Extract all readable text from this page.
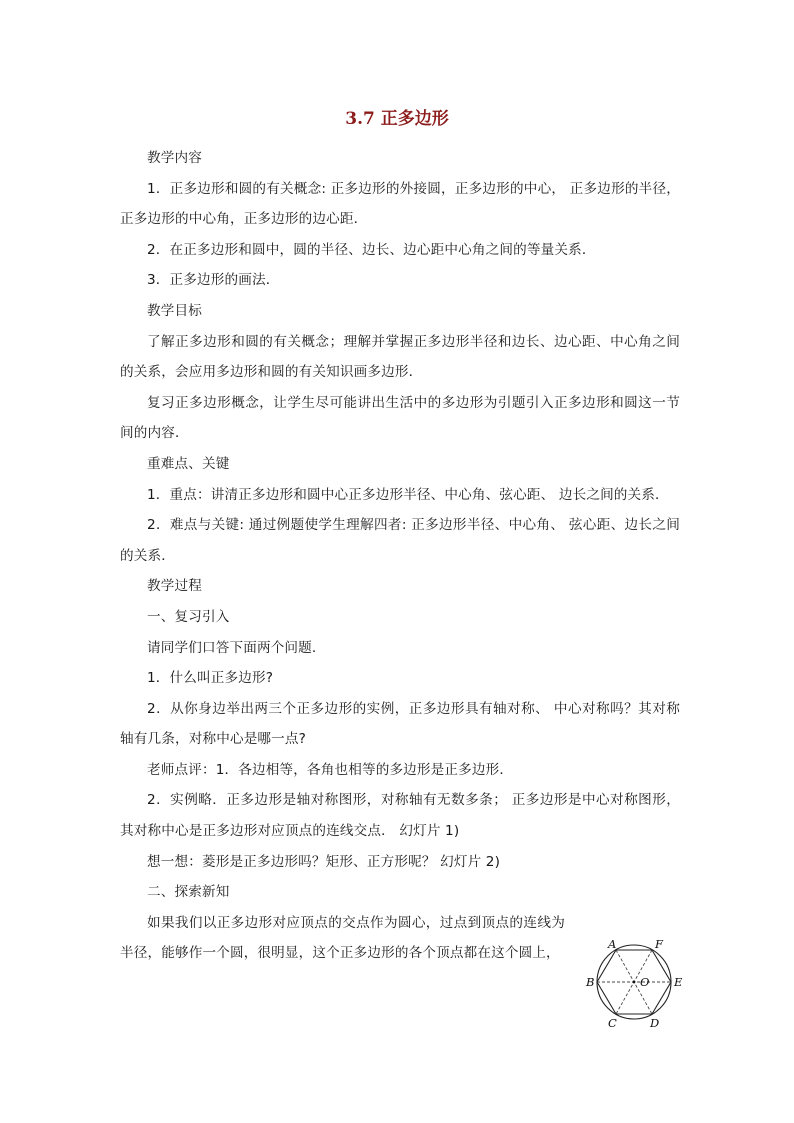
3.7 正多边形

教学内容

1．正多边形和圆的有关概念: 正多边形的外接圆，正多边形的中心， 正多边形的半径，正多边形的中心角，正多边形的边心距．

2．在正多边形和圆中，圆的半径、边长、边心距中心角之间的等量关系．

3．正多边形的画法．

教学目标

了解正多边形和圆的有关概念；理解并掌握正多边形半径和边长、边心距、中心角之间的关系，会应用多边形和圆的有关知识画多边形．

复习正多边形概念，让学生尽可能讲出生活中的多边形为引题引入正多边形和圆这一节间的内容．

重难点、关键

1．重点：讲清正多边形和圆中心正多边形半径、中心角、弦心距、 边长之间的关系．

2．难点与关键: 通过例题使学生理解四者: 正多边形半径、中心角、 弦心距、边长之间的关系．

教学过程

一、复习引入

请同学们口答下面两个问题．

1．什么叫正多边形?

2．从你身边举出两三个正多边形的实例，正多边形具有轴对称、 中心对称吗？其对称轴有几条，对称中心是哪一点?

老师点评：1．各边相等，各角也相等的多边形是正多边形．

2．实例略．正多边形是轴对称图形，对称轴有无数多条； 正多边形是中心对称图形，其对称中心是正多边形对应顶点的连线交点． 幻灯片 1)

想一想：菱形是正多边形吗？矩形、正方形呢？ 幻灯片 2)

二、探索新知

如果我们以正多边形对应顶点的交点作为圆心，过点到顶点的连线为半径，能够作一个圆，很明显，这个正多边形的各个顶点都在这个圆上，

A	F
B	O E
C	D
